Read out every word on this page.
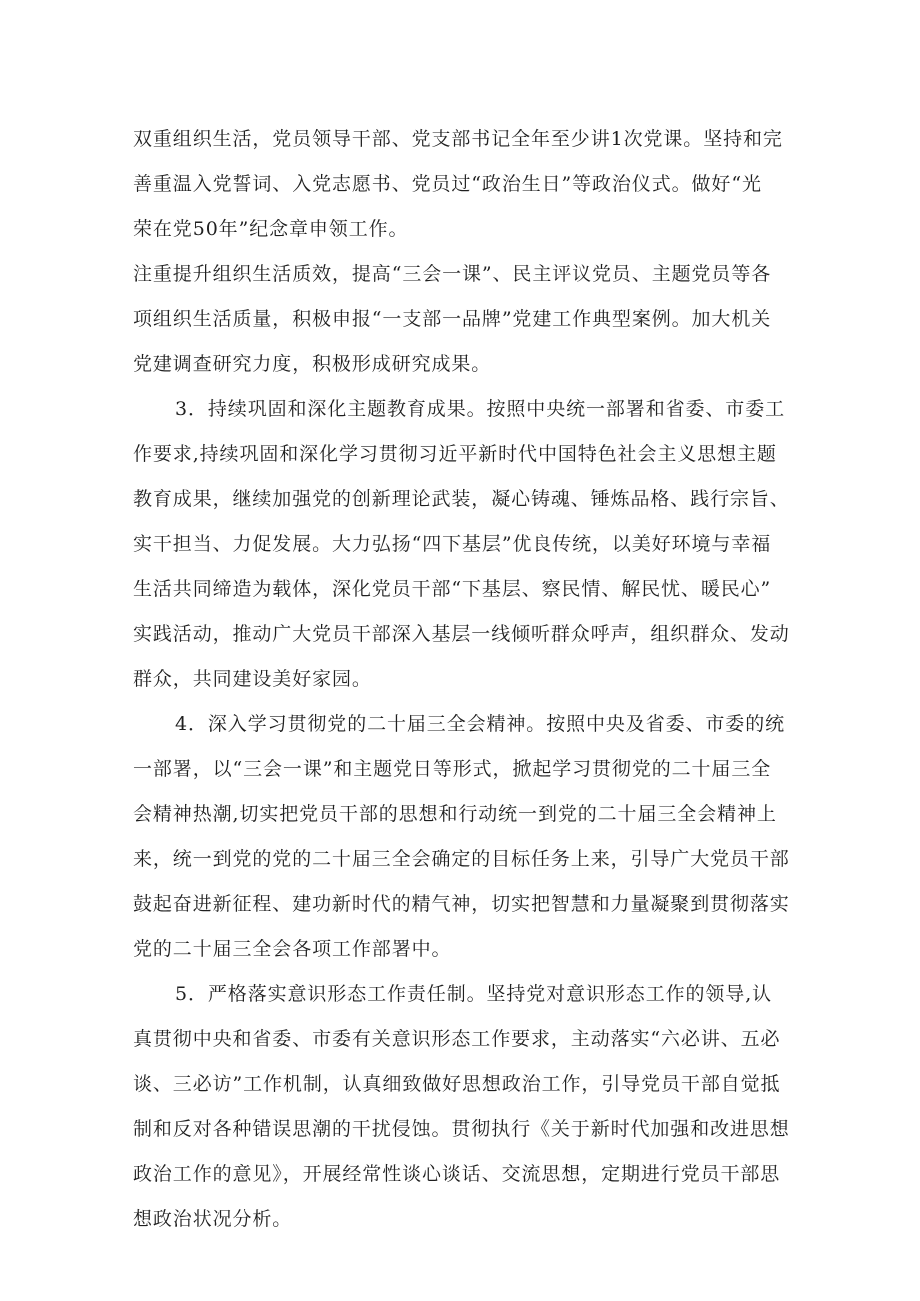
双重组织生活，党员领导干部、党支部书记全年至少讲1次党课。坚持和完
善重温入党誓词、入党志愿书、党员过“政治生日”等政治仪式。做好“光
荣在党50年”纪念章申领工作。
注重提升组织生活质效，提高“三会一课”、民主评议党员、主题党员等各
项组织生活质量，积极申报“一支部一品牌”党建工作典型案例。加大机关
党建调查研究力度，积极形成研究成果。
3．持续巩固和深化主题教育成果。按照中央统一部署和省委、市委工
作要求,持续巩固和深化学习贯彻习近平新时代中国特色社会主义思想主题
教育成果，继续加强党的创新理论武装，凝心铸魂、锤炼品格、践行宗旨、
实干担当、力促发展。大力弘扬“四下基层”优良传统，以美好环境与幸福
生活共同缔造为载体，深化党员干部“下基层、察民情、解民忧、暖民心”
实践活动，推动广大党员干部深入基层一线倾听群众呼声，组织群众、发动
群众，共同建设美好家园。
4．深入学习贯彻党的二十届三全会精神。按照中央及省委、市委的统
一部署，以“三会一课”和主题党日等形式，掀起学习贯彻党的二十届三全
会精神热潮,切实把党员干部的思想和行动统一到党的二十届三全会精神上
来，统一到党的党的二十届三全会确定的目标任务上来，引导广大党员干部
鼓起奋进新征程、建功新时代的精气神，切实把智慧和力量凝聚到贯彻落实
党的二十届三全会各项工作部署中。
5．严格落实意识形态工作责任制。坚持党对意识形态工作的领导,认
真贯彻中央和省委、市委有关意识形态工作要求，主动落实“六必讲、五必
谈、三必访”工作机制，认真细致做好思想政治工作，引导党员干部自觉抵
制和反对各种错误思潮的干扰侵蚀。贯彻执行《关于新时代加强和改进思想
政治工作的意见》，开展经常性谈心谈话、交流思想，定期进行党员干部思
想政治状况分析。
